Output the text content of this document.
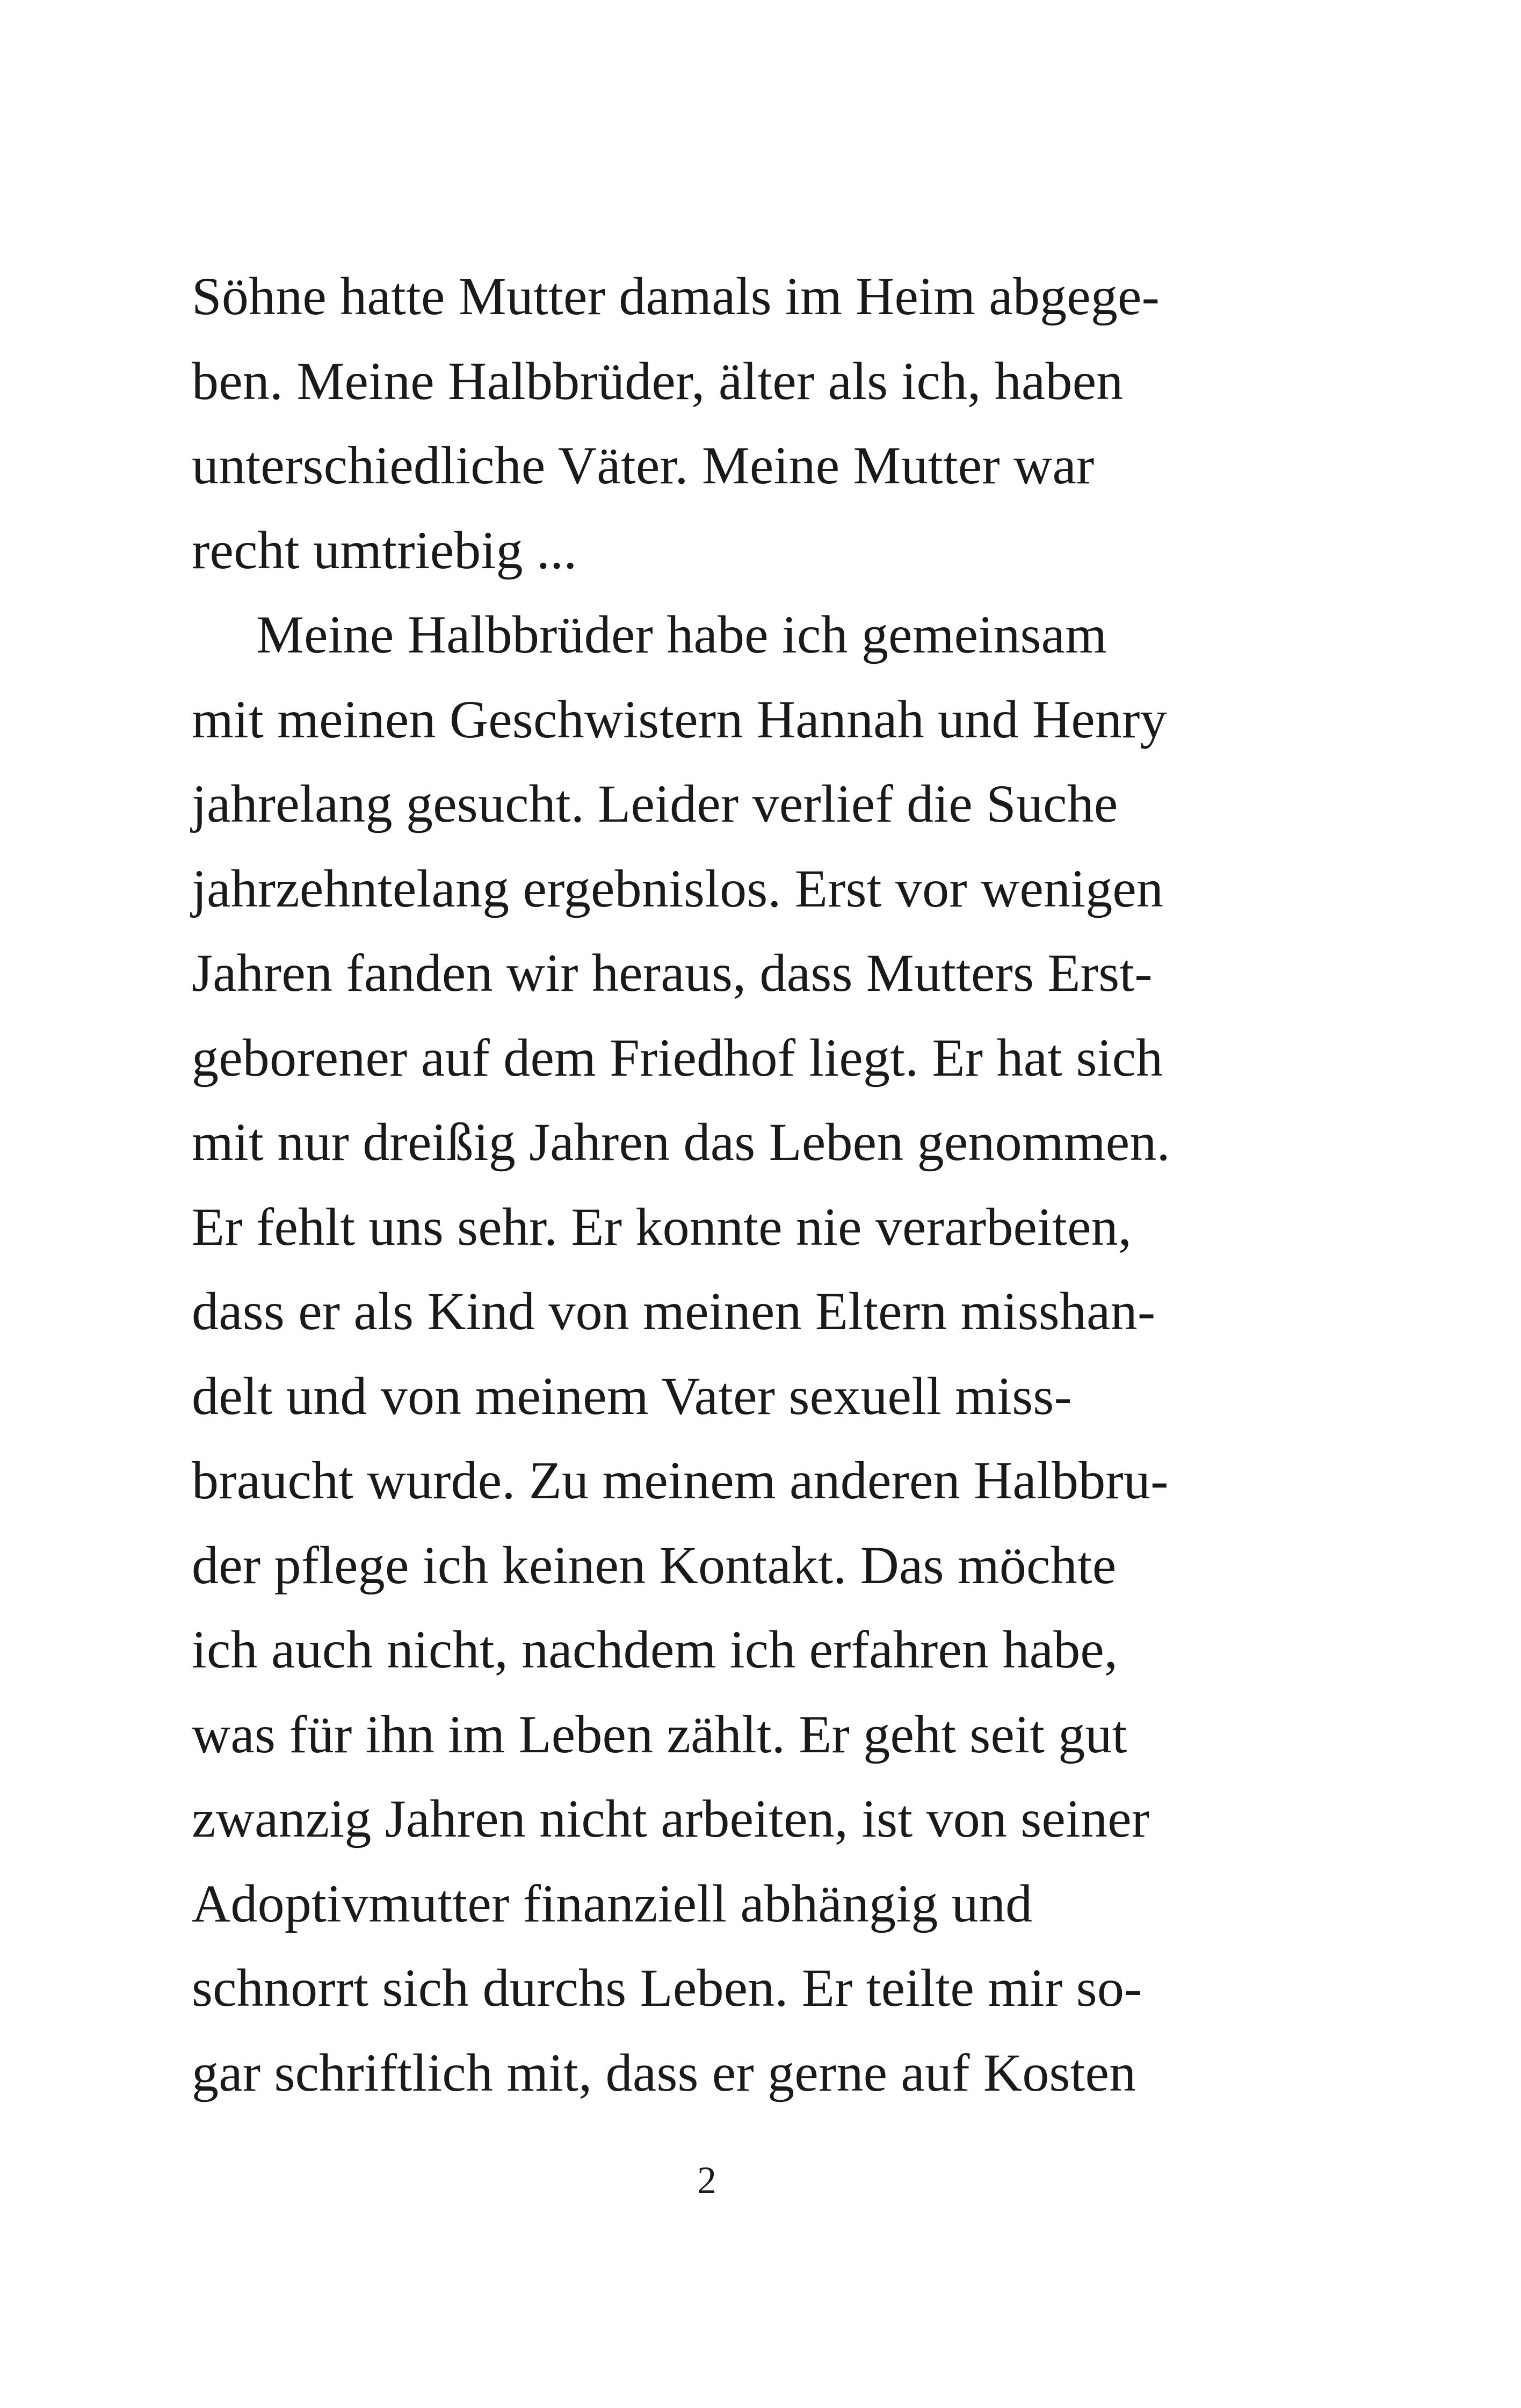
Söhne hatte Mutter damals im Heim abgege-
ben. Meine Halbbrüder, älter als ich, haben
unterschiedliche Väter. Meine Mutter war
recht umtriebig ...
Meine Halbbrüder habe ich gemeinsam
mit meinen Geschwistern Hannah und Henry
jahrelang gesucht. Leider verlief die Suche
jahrzehntelang ergebnislos. Erst vor wenigen
Jahren fanden wir heraus, dass Mutters Erst-
geborener auf dem Friedhof liegt. Er hat sich
mit nur dreißig Jahren das Leben genommen.
Er fehlt uns sehr. Er konnte nie verarbeiten,
dass er als Kind von meinen Eltern misshan-
delt und von meinem Vater sexuell miss-
braucht wurde. Zu meinem anderen Halbbru-
der pflege ich keinen Kontakt. Das möchte
ich auch nicht, nachdem ich erfahren habe,
was für ihn im Leben zählt. Er geht seit gut
zwanzig Jahren nicht arbeiten, ist von seiner
Adoptivmutter finanziell abhängig und
schnorrt sich durchs Leben. Er teilte mir so-
gar schriftlich mit, dass er gerne auf Kosten
2
